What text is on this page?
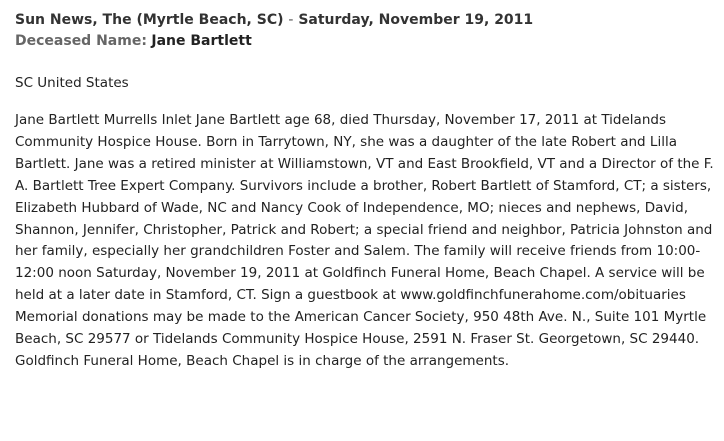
Sun News, The (Myrtle Beach, SC) - Saturday, November 19, 2011
Deceased Name: Jane Bartlett
SC United States
Jane Bartlett Murrells Inlet Jane Bartlett age 68, died Thursday, November 17, 2011 at Tidelands Community Hospice House. Born in Tarrytown, NY, she was a daughter of the late Robert and Lilla Bartlett. Jane was a retired minister at Williamstown, VT and East Brookfield, VT and a Director of the F. A. Bartlett Tree Expert Company. Survivors include a brother, Robert Bartlett of Stamford, CT; a sisters, Elizabeth Hubbard of Wade, NC and Nancy Cook of Independence, MO; nieces and nephews, David, Shannon, Jennifer, Christopher, Patrick and Robert; a special friend and neighbor, Patricia Johnston and her family, especially her grandchildren Foster and Salem. The family will receive friends from 10:00-12:00 noon Saturday, November 19, 2011 at Goldfinch Funeral Home, Beach Chapel. A service will be held at a later date in Stamford, CT. Sign a guestbook at www.goldfinchfunerahome.com/obituaries Memorial donations may be made to the American Cancer Society, 950 48th Ave. N., Suite 101 Myrtle Beach, SC 29577 or Tidelands Community Hospice House, 2591 N. Fraser St. Georgetown, SC 29440. Goldfinch Funeral Home, Beach Chapel is in charge of the arrangements.
